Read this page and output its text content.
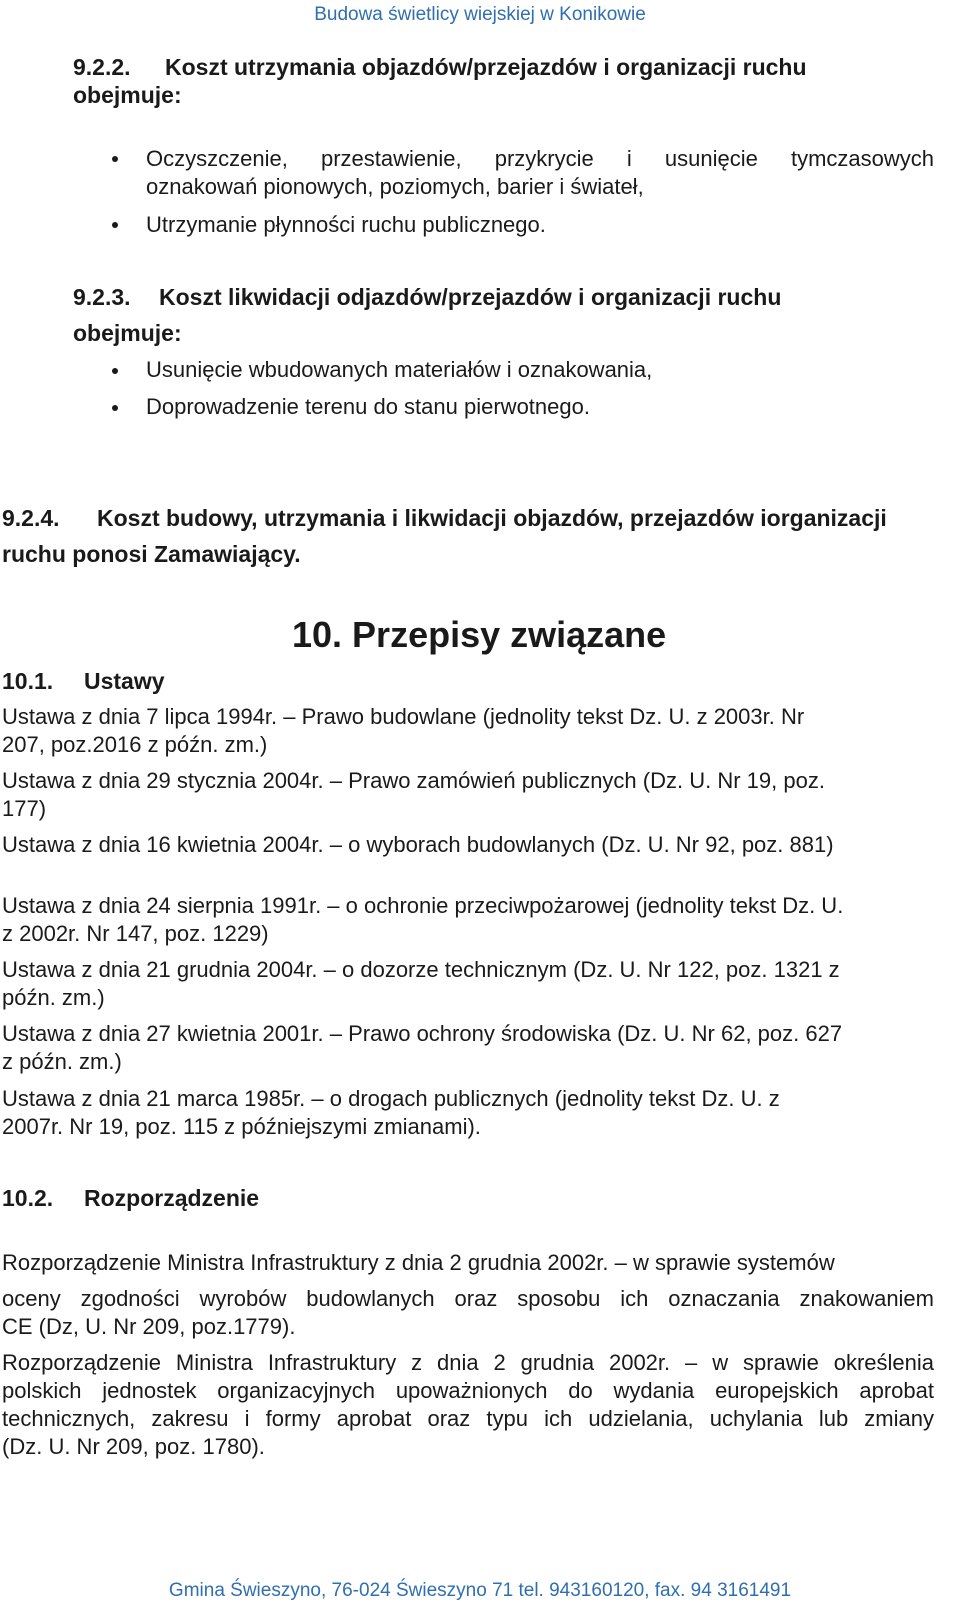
Budowa świetlicy wiejskiej w Konikowie
9.2.2. Koszt utrzymania objazdów/przejazdów i organizacji ruchu
obejmuje:
Oczyszczenie, przestawienie, przykrycie i usunięcie tymczasowych
oznakowań pionowych, poziomych, barier i świateł,
Utrzymanie płynności ruchu publicznego.
9.2.3. Koszt likwidacji odjazdów/przejazdów i organizacji ruchu
obejmuje:
Usunięcie wbudowanych materiałów i oznakowania,
Doprowadzenie terenu do stanu pierwotnego.
9.2.4. Koszt budowy, utrzymania i likwidacji objazdów, przejazdów iorganizacji
ruchu ponosi Zamawiający.
10. Przepisy związane
10.1. Ustawy
Ustawa z dnia 7 lipca 1994r. – Prawo budowlane (jednolity tekst Dz. U. z 2003r. Nr
207, poz.2016 z późn. zm.)
Ustawa z dnia 29 stycznia 2004r. – Prawo zamówień publicznych (Dz. U. Nr 19, poz.
177)
Ustawa z dnia 16 kwietnia 2004r. – o wyborach budowlanych (Dz. U. Nr 92, poz. 881)
Ustawa z dnia 24 sierpnia 1991r. – o ochronie przeciwpożarowej (jednolity tekst Dz. U.
z 2002r. Nr 147, poz. 1229)
Ustawa z dnia 21 grudnia 2004r. – o dozorze technicznym (Dz. U. Nr 122, poz. 1321 z
późn. zm.)
Ustawa z dnia 27 kwietnia 2001r. – Prawo ochrony środowiska (Dz. U. Nr 62, poz. 627
z późn. zm.)
Ustawa z dnia 21 marca 1985r. – o drogach publicznych (jednolity tekst Dz. U. z
2007r. Nr 19, poz. 115 z późniejszymi zmianami).
10.2. Rozporządzenie
Rozporządzenie Ministra Infrastruktury z dnia 2 grudnia 2002r. – w sprawie systemów
oceny zgodności wyrobów budowlanych oraz sposobu ich oznaczania znakowaniem
CE (Dz, U. Nr 209, poz.1779).
Rozporządzenie Ministra Infrastruktury z dnia 2 grudnia 2002r. – w sprawie określenia
polskich jednostek organizacyjnych upoważnionych do wydania europejskich aprobat
technicznych, zakresu i formy aprobat oraz typu ich udzielania, uchylania lub zmiany
(Dz. U. Nr 209, poz. 1780).
Gmina Świeszyno, 76-024 Świeszyno 71 tel. 943160120, fax. 94 3161491
